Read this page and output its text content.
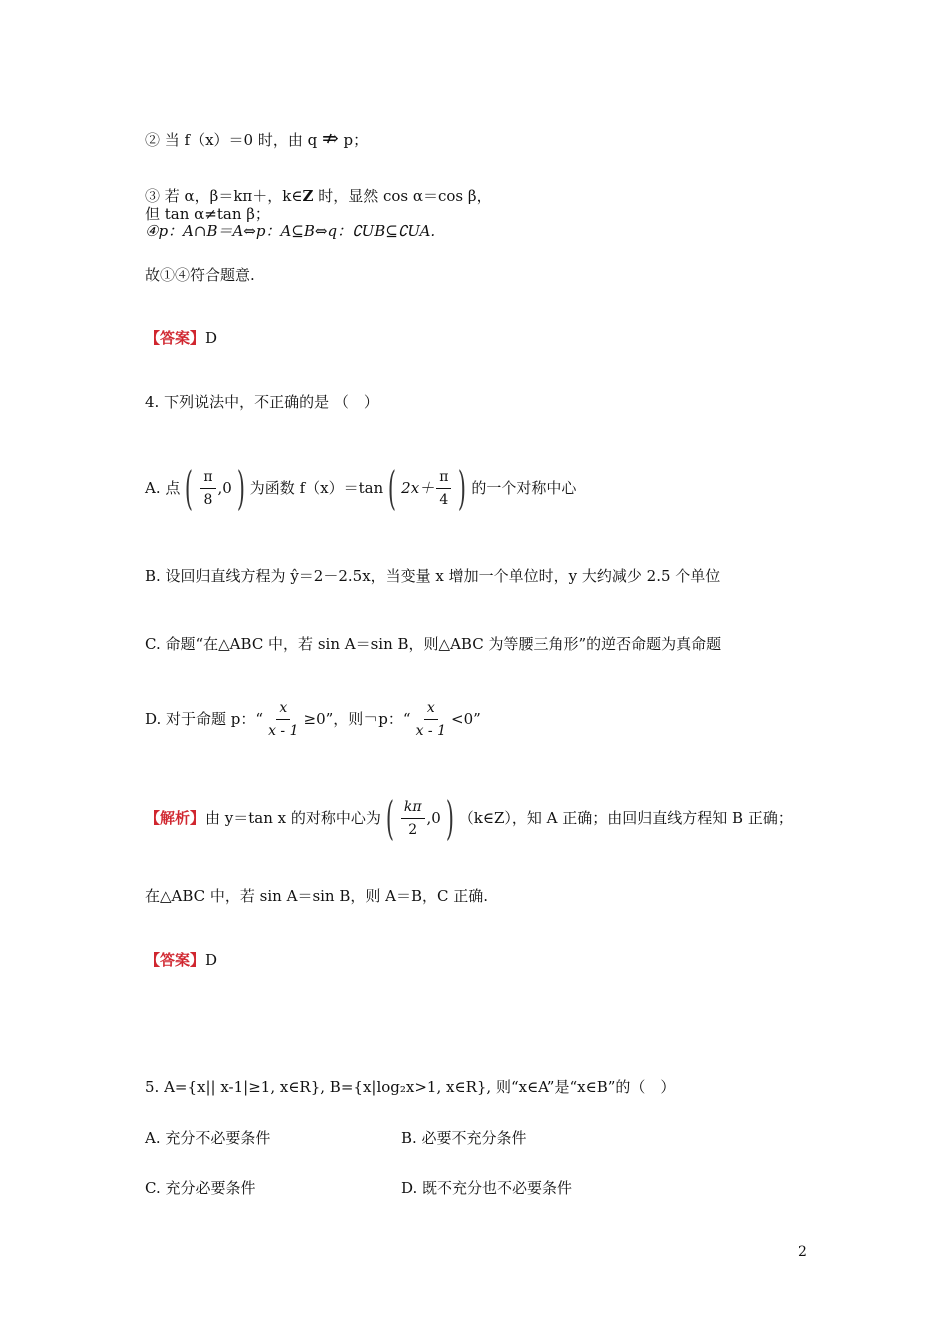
② 当 f（x）＝0 时，由 q ⇏ p；
③ 若 α，β＝kπ＋，k∈Z 时，显然 cos α＝cos β，
但 tan α≠tan β；
④p：A∩B＝A⇔p：A⊆B⇔q：∁UB⊆∁UA.
故①④符合题意.
【答案】D
4. 下列说法中，不正确的是 （　）
A. 点 ( $\frac{\pi}{8} ,0$ ) 为函数 f（x）＝tan ( $2x+ \frac{\pi}{4}$ ) 的一个对称中心
B. 设回归直线方程为 ŷ＝2－2.5x，当变量 x 增加一个单位时，y 大约减少 2.5 个单位
C. 命题“在△ABC 中，若 sin A＝sin B，则△ABC 为等腰三角形”的逆否命题为真命题
D. 对于命题 p：“ $\frac{x}{x - 1} \ge 0$”，则￢p：“ $\frac{x}{x - 1} <0$”
【解析】 由 y＝tan x 的对称中心为 ( $\frac{k\pi}{2} ,0$ ) （k∈Z），知 A 正确；由回归直线方程知 B 正确；
在△ABC 中，若 sin A＝sin B，则 A＝B，C 正确.
【答案】D
5. A={x|| x-1|≥1, x∈R}, B={x|log₂x>1, x∈R}, 则“x∈A”是“x∈B”的（　）
A. 充分不必要条件	B. 必要不充分条件
C. 充分必要条件	D. 既不充分也不必要条件
2
